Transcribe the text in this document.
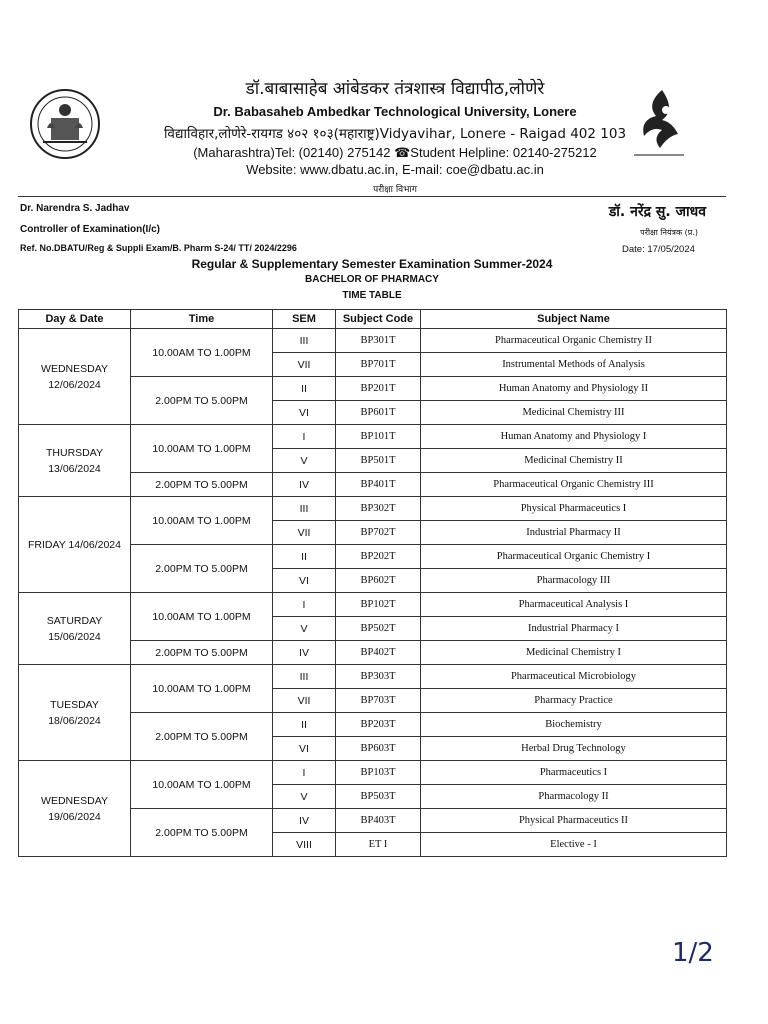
डॉ.बाबासाहेब आंबेडकर तंत्रशास्त्र विद्यापीठ,लोणेरे
Dr. Babasaheb Ambedkar Technological University, Lonere
विद्याविहार,लोणेरे-रायगड ४०२ १०३(महाराष्ट्र)Vidyavihar, Lonere - Raigad 402 103
(Maharashtra)Tel: (02140) 275142 ☎Student Helpline: 02140-275212
Website: www.dbatu.ac.in, E-mail: coe@dbatu.ac.in
परीक्षा विभाग
Dr. Narendra S. Jadhav
Controller of Examination(I/c)
डॉ. नरेंद्र सु. जाधव
परीक्षा नियंत्रक (प्र.)
Ref. No.DBATU/Reg & Suppli Exam/B. Pharm S-24/ TT/ 2024/2296	Date: 17/05/2024
Regular & Supplementary Semester Examination Summer-2024
BACHELOR OF PHARMACY
TIME TABLE
Day & Date	Time	SEM	Subject Code	Subject Name

WEDNESDAY
12/06/2024	10.00AM TO 1.00PM	III	BP301T	Pharmaceutical Organic Chemistry II
		VII	BP701T	Instrumental Methods of Analysis
	2.00PM TO 5.00PM	II	BP201T	Human Anatomy and Physiology II
		VI	BP601T	Medicinal Chemistry III

THURSDAY
13/06/2024	10.00AM TO 1.00PM	I	BP101T	Human Anatomy and Physiology I
		V	BP501T	Medicinal Chemistry II
	2.00PM TO 5.00PM	IV	BP401T	Pharmaceutical Organic Chemistry III

FRIDAY 14/06/2024	10.00AM TO 1.00PM	III	BP302T	Physical Pharmaceutics I
		VII	BP702T	Industrial Pharmacy II
	2.00PM TO 5.00PM	II	BP202T	Pharmaceutical Organic Chemistry I
		VI	BP602T	Pharmacology III

SATURDAY
15/06/2024	10.00AM TO 1.00PM	I	BP102T	Pharmaceutical Analysis I
		V	BP502T	Industrial Pharmacy I
	2.00PM TO 5.00PM	IV	BP402T	Medicinal Chemistry I

TUESDAY
18/06/2024	10.00AM TO 1.00PM	III	BP303T	Pharmaceutical Microbiology
		VII	BP703T	Pharmacy Practice
	2.00PM TO 5.00PM	II	BP203T	Biochemistry
		VI	BP603T	Herbal Drug Technology

WEDNESDAY
19/06/2024	10.00AM TO 1.00PM	I	BP103T	Pharmaceutics I
		V	BP503T	Pharmacology II
	2.00PM TO 5.00PM	IV	BP403T	Physical Pharmaceutics II
		VIII	ET I	Elective - I
1/2
